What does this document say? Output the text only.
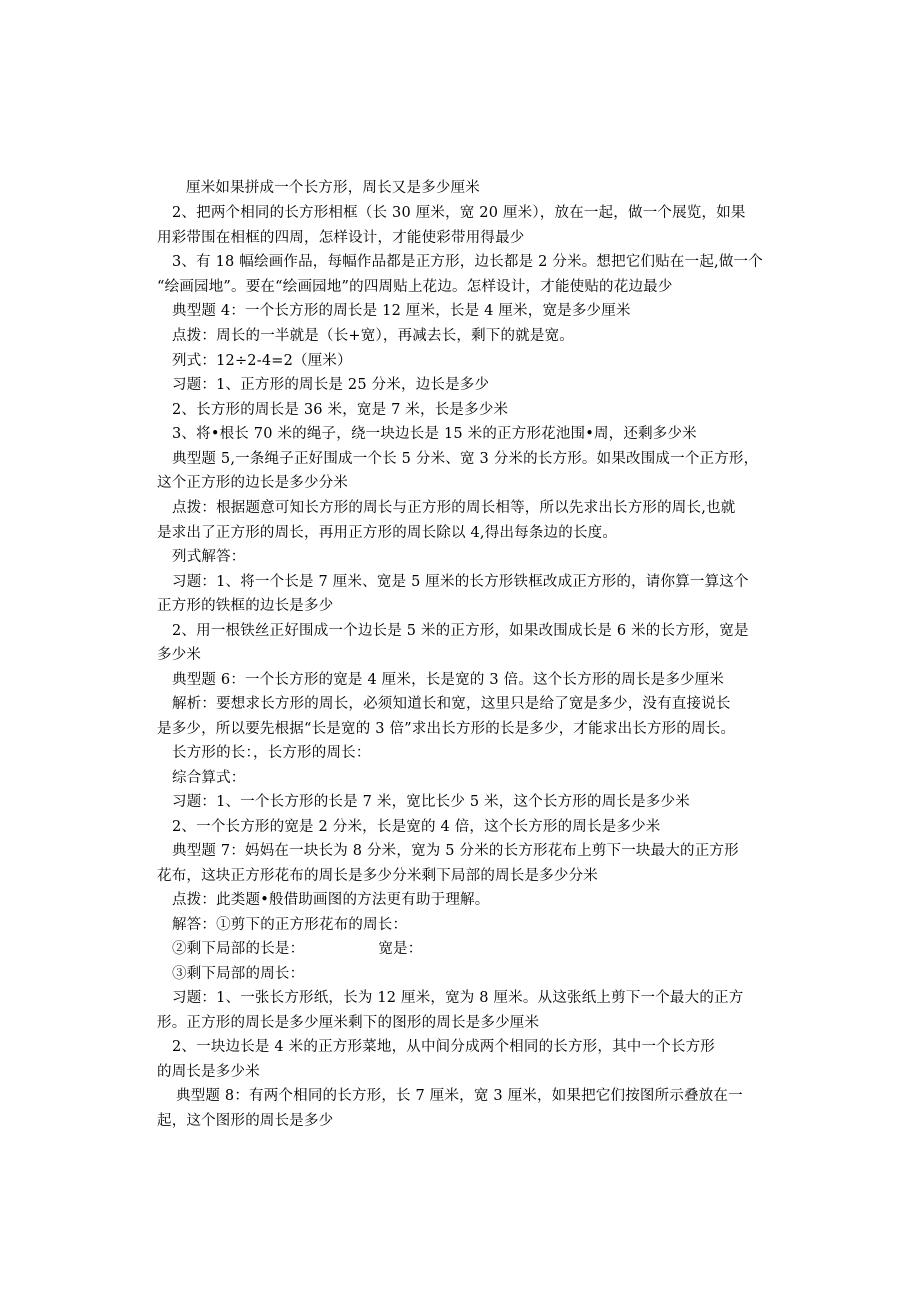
厘米如果拼成一个长方形，周长又是多少厘米
2、把两个相同的长方形相框（长 30 厘米，宽 20 厘米），放在一起，做一个展览，如果
用彩带围在相框的四周，怎样设计，才能使彩带用得最少
3、有 18 幅绘画作品，每幅作品都是正方形，边长都是 2 分米。想把它们贴在一起,做一个
“绘画园地”。要在“绘画园地”的四周贴上花边。怎样设计，才能使贴的花边最少
典型题 4：一个长方形的周长是 12 厘米，长是 4 厘米，宽是多少厘米
点拨：周长的一半就是（长+宽），再减去长，剩下的就是宽。
列式：12÷2-4=2（厘米）
习题：1、正方形的周长是 25 分米，边长是多少
2、长方形的周长是 36 米，宽是 7 米，长是多少米
3、将•根长 70 米的绳子，绕一块边长是 15 米的正方形花池围•周，还剩多少米
典型题 5,一条绳子正好围成一个长 5 分米、宽 3 分米的长方形。如果改围成一个正方形，
这个正方形的边长是多少分米
点拨：根据题意可知长方形的周长与正方形的周长相等，所以先求出长方形的周长,也就
是求出了正方形的周长，再用正方形的周长除以 4,得出每条边的长度。
列式解答：
习题：1、将一个长是 7 厘米、宽是 5 厘米的长方形铁框改成正方形的，请你算一算这个
正方形的铁框的边长是多少
2、用一根铁丝正好围成一个边长是 5 米的正方形，如果改围成长是 6 米的长方形，宽是
多少米
典型题 6：一个长方形的宽是 4 厘米，长是宽的 3 倍。这个长方形的周长是多少厘米
解析：要想求长方形的周长，必须知道长和宽，这里只是给了宽是多少，没有直接说长
是多少，所以要先根据“长是宽的 3 倍”求出长方形的长是多少，才能求出长方形的周长。
长方形的长：，长方形的周长：
综合算式：
习题：1、一个长方形的长是 7 米，宽比长少 5 米，这个长方形的周长是多少米
2、一个长方形的宽是 2 分米，长是宽的 4 倍，这个长方形的周长是多少米
典型题 7：妈妈在一块长为 8 分米，宽为 5 分米的长方形花布上剪下一块最大的正方形
花布，这块正方形花布的周长是多少分米剩下局部的周长是多少分米
点拨：此类题•般借助画图的方法更有助于理解。
解答：①剪下的正方形花布的周长：
②剩下局部的长是：	宽是：
③剩下局部的周长：
习题：1、一张长方形纸，长为 12 厘米，宽为 8 厘米。从这张纸上剪下一个最大的正方
形。正方形的周长是多少厘米剩下的图形的周长是多少厘米
2、一块边长是 4 米的正方形菜地，从中间分成两个相同的长方形，其中一个长方形
的周长是多少米
典型题 8：有两个相同的长方形，长 7 厘米，宽 3 厘米，如果把它们按图所示叠放在一
起，这个图形的周长是多少
